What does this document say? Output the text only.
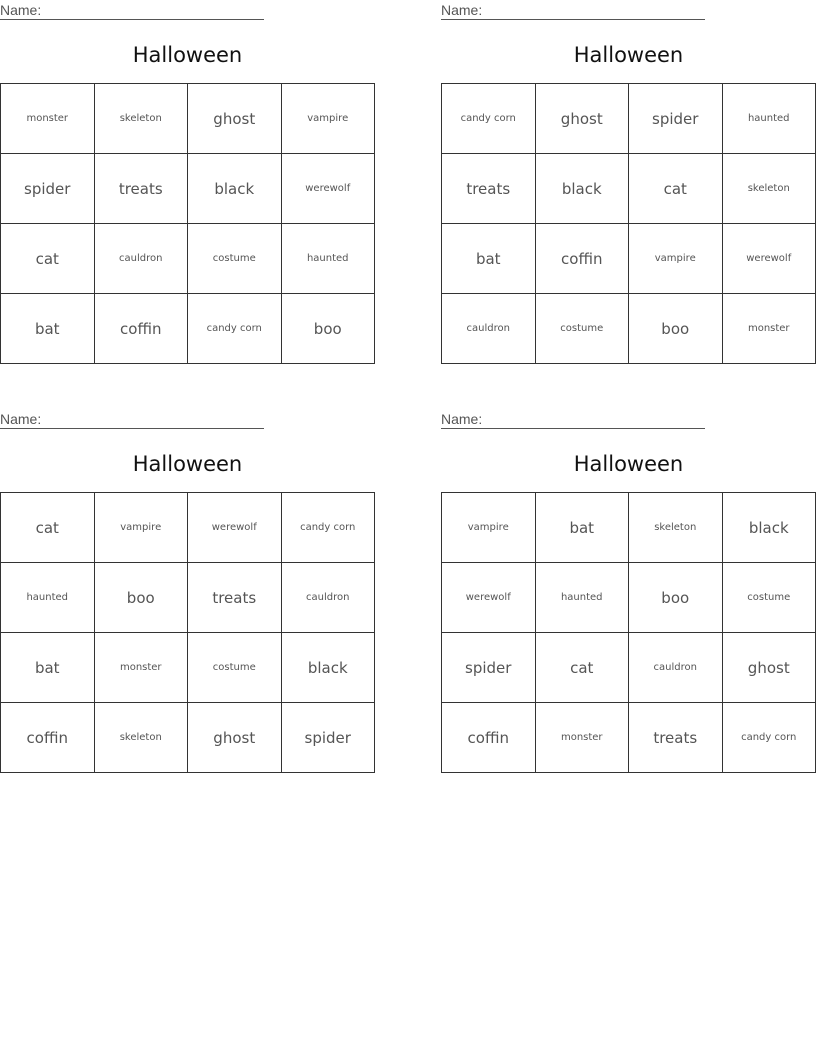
Name:
Halloween
monster	skeleton	ghost	vampire
spider	treats	black	werewolf
cat	cauldron	costume	haunted
bat	coffin	candy corn	boo
Name:
Halloween
candy corn	ghost	spider	haunted
treats	black	cat	skeleton
bat	coffin	vampire	werewolf
cauldron	costume	boo	monster
Name:
Halloween
cat	vampire	werewolf	candy corn
haunted	boo	treats	cauldron
bat	monster	costume	black
coffin	skeleton	ghost	spider
Name:
Halloween
vampire	bat	skeleton	black
werewolf	haunted	boo	costume
spider	cat	cauldron	ghost
coffin	monster	treats	candy corn
